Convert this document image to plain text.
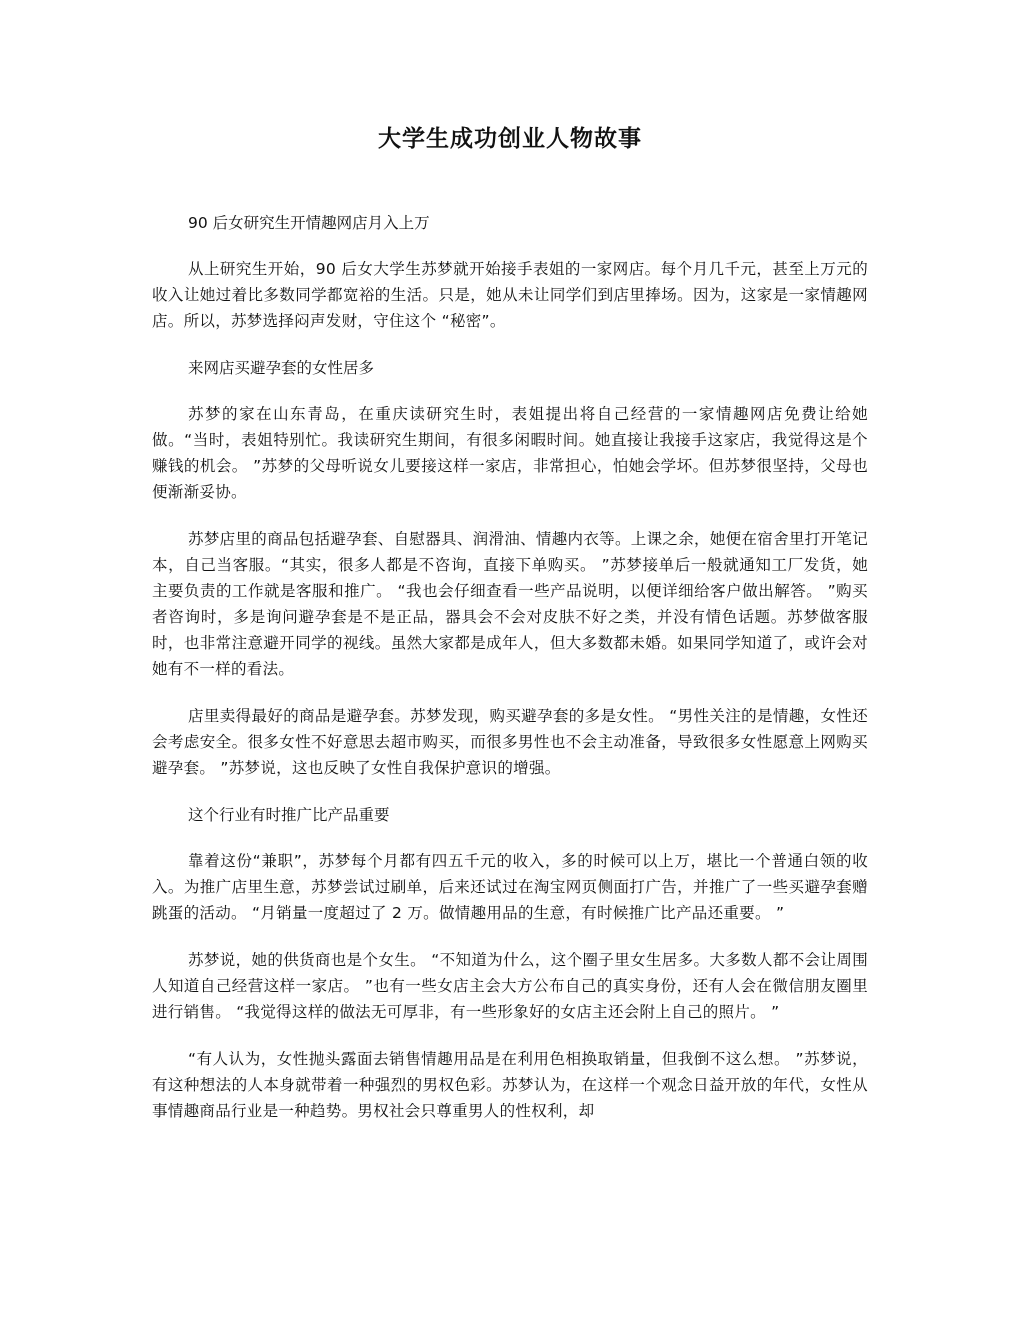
大学生成功创业人物故事

90 后女研究生开情趣网店月入上万

从上研究生开始，90 后女大学生苏梦就开始接手表姐的一家网店。每个月几千元，甚至上万元的收入让她过着比多数同学都宽裕的生活。只是，她从未让同学们到店里捧场。因为，这家是一家情趣网店。所以，苏梦选择闷声发财，守住这个 “秘密”。

来网店买避孕套的女性居多

苏梦的家在山东青岛，在重庆读研究生时，表姐提出将自己经营的一家情趣网店免费让给她做。“当时，表姐特别忙。我读研究生期间，有很多闲暇时间。她直接让我接手这家店，我觉得这是个赚钱的机会。 ”苏梦的父母听说女儿要接这样一家店，非常担心，怕她会学坏。但苏梦很坚持，父母也便渐渐妥协。

苏梦店里的商品包括避孕套、自慰器具、润滑油、情趣内衣等。上课之余，她便在宿舍里打开笔记本，自己当客服。“其实，很多人都是不咨询，直接下单购买。 ”苏梦接单后一般就通知工厂发货，她主要负责的工作就是客服和推广。 “我也会仔细查看一些产品说明，以便详细给客户做出解答。 ”购买者咨询时，多是询问避孕套是不是正品，器具会不会对皮肤不好之类，并没有情色话题。苏梦做客服时，也非常注意避开同学的视线。虽然大家都是成年人，但大多数都未婚。如果同学知道了，或许会对她有不一样的看法。

店里卖得最好的商品是避孕套。苏梦发现，购买避孕套的多是女性。 “男性关注的是情趣，女性还会考虑安全。很多女性不好意思去超市购买，而很多男性也不会主动准备，导致很多女性愿意上网购买避孕套。 ”苏梦说，这也反映了女性自我保护意识的增强。

这个行业有时推广比产品重要

靠着这份“兼职”，苏梦每个月都有四五千元的收入，多的时候可以上万，堪比一个普通白领的收入。为推广店里生意，苏梦尝试过刷单，后来还试过在淘宝网页侧面打广告，并推广了一些买避孕套赠跳蛋的活动。 “月销量一度超过了 2 万。做情趣用品的生意，有时候推广比产品还重要。 ”

苏梦说，她的供货商也是个女生。 “不知道为什么，这个圈子里女生居多。大多数人都不会让周围人知道自己经营这样一家店。 ”也有一些女店主会大方公布自己的真实身份，还有人会在微信朋友圈里进行销售。 “我觉得这样的做法无可厚非，有一些形象好的女店主还会附上自己的照片。 ”

“有人认为，女性抛头露面去销售情趣用品是在利用色相换取销量，但我倒不这么想。 ”苏梦说，有这种想法的人本身就带着一种强烈的男权色彩。苏梦认为，在这样一个观念日益开放的年代，女性从事情趣商品行业是一种趋势。男权社会只尊重男人的性权利，却
